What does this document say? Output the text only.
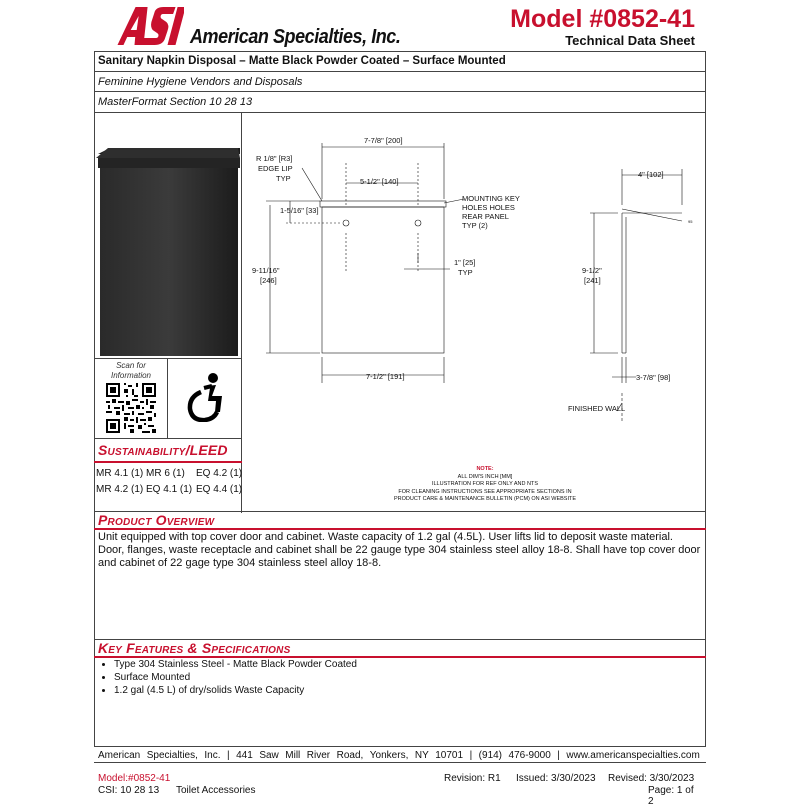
American Specialties, Inc.
Model #0852-41
Technical Data Sheet
Sanitary Napkin Disposal – Matte Black Powder Coated – Surface Mounted
Feminine Hygiene Vendors and Disposals
MasterFormat Section 10 28 13
Scan for Information
Sustainability/LEED
MR 4.1 (1) MR 6 (1)	EQ 4.2 (1)
MR 4.2 (1) EQ 4.1 (1) EQ 4.4 (1)
7-7/8" [200]
R 1/8" [R3]
EDGE LIP
TYP	5-1/2" [140]
1-5/16" [33]
MOUNTING KEY
HOLES HOLES
REAR PANEL
TYP (2)
9-11/16"
[246]
1" [25]
TYP
7-1/2" [191]
4" [102]
95
9-1/2"
[241]
3-7/8" [98]
FINISHED WALL
NOTE:
ALL DIM'S INCH [MM]
ILLUSTRATION FOR REF ONLY AND NTS
FOR CLEANING INSTRUCTIONS SEE APPROPRIATE SECTIONS IN
PRODUCT CARE & MAINTENANCE BULLETIN (PCM) ON ASI WEBSITE
Product Overview
Unit equipped with top cover door and cabinet. Waste capacity of 1.2 gal (4.5L). User lifts lid to deposit waste material. Door, flanges, waste receptacle and cabinet shall be 22 gauge type 304 stainless steel alloy 18-8. Shall have top cover door and cabinet of 22 gage type 304 stainless steel alloy 18-8.
Key Features & Specifications
• Type 304 Stainless Steel - Matte Black Powder Coated
• Surface Mounted
• 1.2 gal (4.5 L) of dry/solids Waste Capacity
American Specialties, Inc. | 441 Saw Mill River Road, Yonkers, NY 10701 | (914) 476-9000 | www.americanspecialties.com
Model:#0852-41	Revision: R1 Issued: 3/30/2023 Revised: 3/30/2023
CSI: 10 28 13 Toilet Accessories	Page: 1 of 2
